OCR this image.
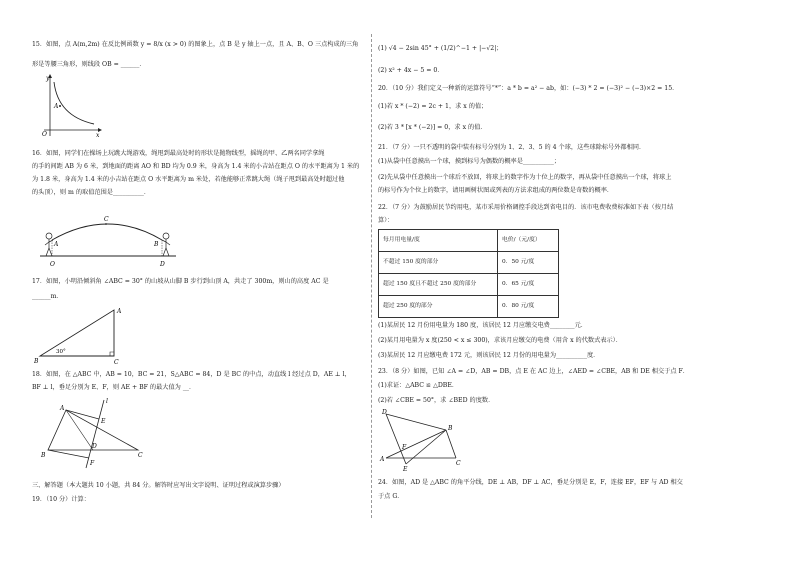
15．如图，点 A(m,2m) 在反比例函数 y = 8/x (x > 0) 的图象上，点 B 是 y 轴上一点，且 A、B、O 三点构成的三角
形是等腰三角形，则线段 OB = ______．
y
A
O	x
16．如图，同学们在操场上玩跳大绳游戏，绳甩到最高处时的形状是抛物线型，摇绳的甲、乙两名同学拿绳
的手的间距 AB 为 6 米，到地面的距离 AO 和 BD 均为 0.9 米，身高为 1.4 米的小吉站在距点 O 的水平距离为 1 米的
为 1.8 米，身高为 1.4 米的小吉站在距点 O 水平距离为 m 米处，若他能够正常跳大绳（绳子甩到最高处时超过他
的头顶），则 m 的取值范围是__________．
A	B
C
O	D
17．如图，小明沿倾斜角 ∠ABC = 30° 的山坡从山脚 B 步行到山顶 A，共走了 300m，则山的高度 AC 是
______m．
A
B	C
30°
18．如图，在 △ABC 中，AB = 10，BC = 21，S△ABC = 84，D 是 BC 的中点，动直线 l 经过点 D，AE ⊥ l，
BF ⊥ l，垂足分别为 E、F，则 AE + BF 的最大值为 __．
A
B	C
D
E
F
l
三、解答题（本大题共 10 小题，共 84 分。解答时应写出文字说明、证明过程或演算步骤）
19．（10 分）计算：
(1) √4 − 2sin 45° + (1/2)^−1 + |−√2|；
(2) x² + 4x − 5 = 0．
20．（10 分）我们定义一种新的运算符号“*”：a * b = a² − ab，如：(−3) * 2 = (−3)² − (−3)×2 = 15．
(1)若 x * (−2) = 2c + 1，求 x 的值；
(2)若 3 * [x * (−2)] = 0，求 x 的值．
21．（7 分）一只不透明的袋中装有标号分别为 1、2、3、5 的 4 个球，这些球除标号外都相同．
(1)从袋中任意摸出一个球，摸到标号为偶数的概率是__________；
(2)先从袋中任意摸出一个球后不放回，将球上的数字作为十位上的数字，再从袋中任意摸出一个球，将球上
的标号作为个位上的数字，请用画树状图或列表的方法求组成的两位数是奇数的概率．
22．（7 分）为鼓励居民节约用电，某市采用价格调控手段达到省电目的．该市电费收费标准如下表（按月结
算）：
每月用电量/度	电价/（元/度）
不超过 150 度的部分	0．50 元/度
超过 150 度且不超过 250 度的部分	0．65 元/度
超过 250 度的部分	0．80 元/度
(1)某居民 12 月份用电量为 180 度，该居民 12 月应缴交电费________元．
(2)某月用电量为 x 度(250 < x ≤ 300)，求该月应缴交的电费（用含 x 的代数式表示）．
(3)某居民 12 月应缴电费 172 元，则该居民 12 月份的用电量为__________度．
23．（8 分）如图，已知 ∠A = ∠D，AB = DB，点 E 在 AC 边上，∠AED = ∠CBE，AB 和 DE 相交于点 F．
(1)求证：△ABC ≌ △DBE．
(2)若 ∠CBE = 50°，求 ∠BED 的度数．
D
B
F
A
E
C
24．如图，AD 是 △ABC 的角平分线，DE ⊥ AB，DF ⊥ AC，垂足分别是 E，F，连接 EF，EF 与 AD 相交
于点 G．
